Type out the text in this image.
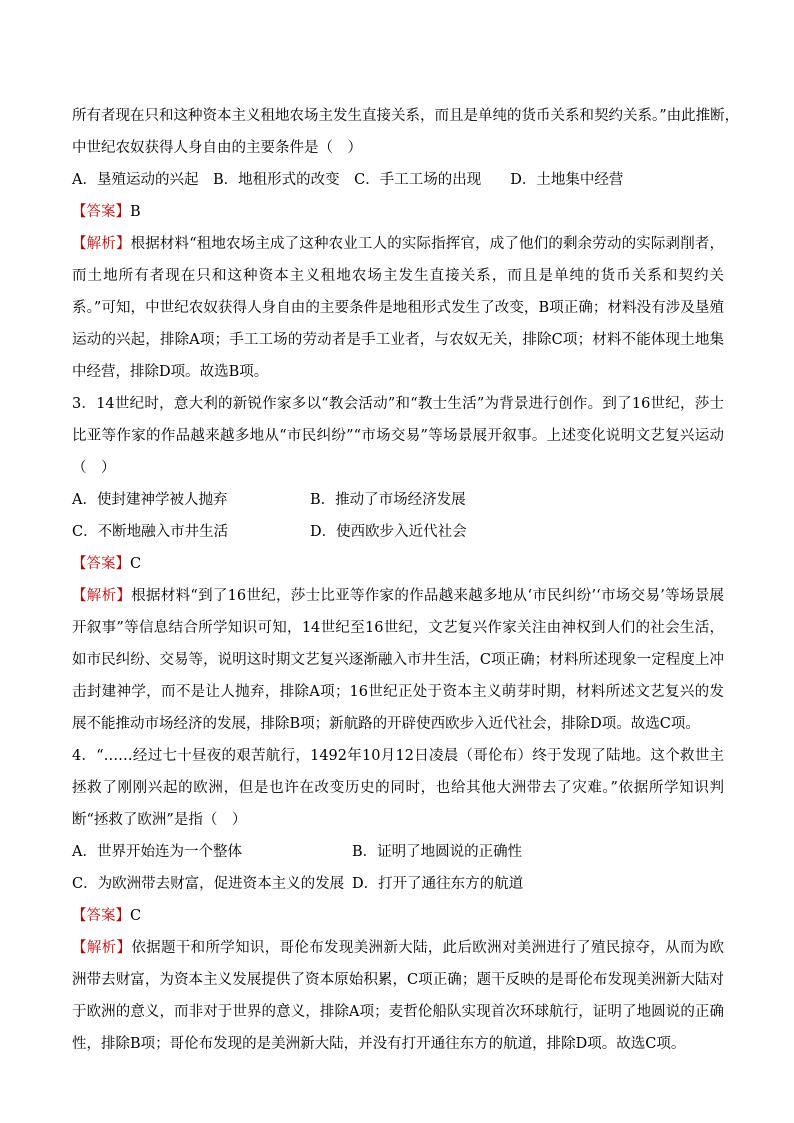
所有者现在只和这种资本主义租地农场主发生直接关系，而且是单纯的货币关系和契约关系。”由此推断，
中世纪农奴获得人身自由的主要条件是（　）
A．垦殖运动的兴起　B．地租形式的改变　C．手工工场的出现　　D．土地集中经营
【答案】B
【解析】根据材料“租地农场主成了这种农业工人的实际指挥官，成了他们的剩余劳动的实际剥削者，而土地所有者现在只和这种资本主义租地农场主发生直接关系，而且是单纯的货币关系和契约关系。”可知，中世纪农奴获得人身自由的主要条件是地租形式发生了改变，B项正确；材料没有涉及垦殖运动的兴起，排除A项；手工工场的劳动者是手工业者，与农奴无关，排除C项；材料不能体现土地集中经营，排除D项。故选B项。
3．14世纪时，意大利的新锐作家多以“教会活动”和“教士生活”为背景进行创作。到了16世纪，莎士比亚等作家的作品越来越多地从“市民纠纷”“市场交易”等场景展开叙事。上述变化说明文艺复兴运动（　）
A．使封建神学被人抛弃	B．推动了市场经济发展
C．不断地融入市井生活	D．使西欧步入近代社会
【答案】C
【解析】根据材料“到了16世纪，莎士比亚等作家的作品越来越多地从‘市民纠纷’‘市场交易’等场景展开叙事”等信息结合所学知识可知，14世纪至16世纪，文艺复兴作家关注由神权到人们的社会生活，如市民纠纷、交易等，说明这时期文艺复兴逐渐融入市井生活，C项正确；材料所述现象一定程度上冲击封建神学，而不是让人抛弃，排除A项；16世纪正处于资本主义萌芽时期，材料所述文艺复兴的发展不能推动市场经济的发展，排除B项；新航路的开辟使西欧步入近代社会，排除D项。故选C项。
4．“……经过七十昼夜的艰苦航行，1492年10月12日凌晨（哥伦布）终于发现了陆地。这个救世主拯救了刚刚兴起的欧洲，但是也许在改变历史的同时，也给其他大洲带去了灾难。”依据所学知识判断“拯救了欧洲”是指（　）
A．世界开始连为一个整体	B．证明了地圆说的正确性
C．为欧洲带去财富，促进资本主义的发展 D．打开了通往东方的航道
【答案】C
【解析】依据题干和所学知识，哥伦布发现美洲新大陆，此后欧洲对美洲进行了殖民掠夺，从而为欧洲带去财富，为资本主义发展提供了资本原始积累，C项正确；题干反映的是哥伦布发现美洲新大陆对于欧洲的意义，而非对于世界的意义，排除A项；麦哲伦船队实现首次环球航行，证明了地圆说的正确性，排除B项；哥伦布发现的是美洲新大陆，并没有打开通往东方的航道，排除D项。故选C项。
